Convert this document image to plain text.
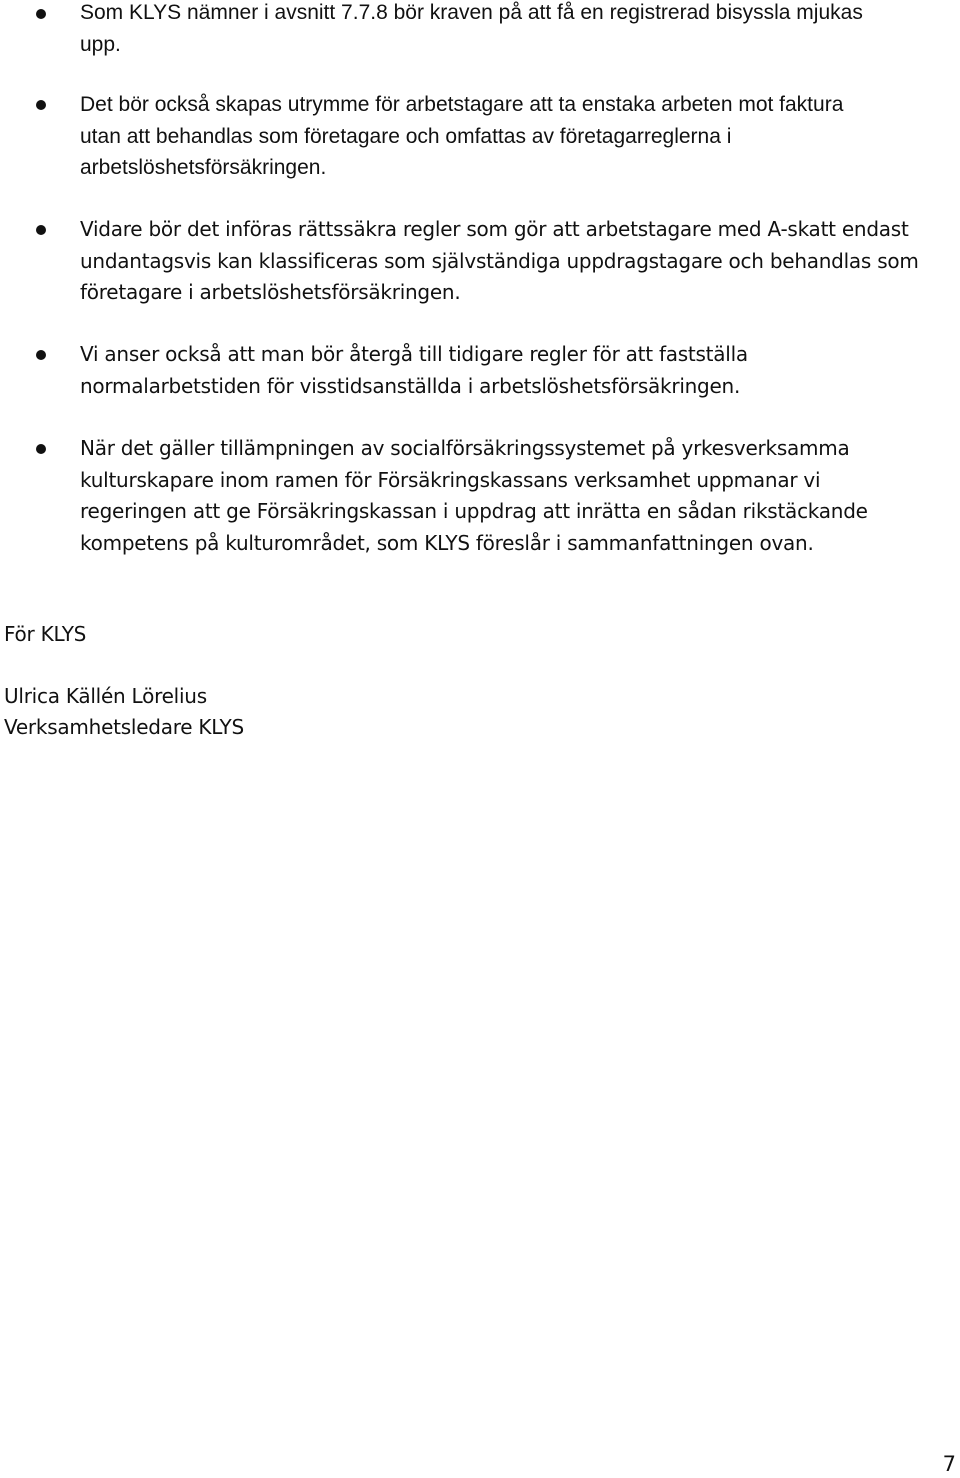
Som KLYS nämner i avsnitt 7.7.8 bör kraven på att få en registrerad bisyssla mjukas
upp.
Det bör också skapas utrymme för arbetstagare att ta enstaka arbeten mot faktura
utan att behandlas som företagare och omfattas av företagarreglerna i
arbetslöshetsförsäkringen.
Vidare bör det införas rättssäkra regler som gör att arbetstagare med A-skatt endast
undantagsvis kan klassificeras som självständiga uppdragstagare och behandlas som
företagare i arbetslöshetsförsäkringen.
Vi anser också att man bör återgå till tidigare regler för att fastställa
normalarbetstiden för visstidsanställda i arbetslöshetsförsäkringen.
När det gäller tillämpningen av socialförsäkringssystemet på yrkesverksamma
kulturskapare inom ramen för Försäkringskassans verksamhet uppmanar vi
regeringen att ge Försäkringskassan i uppdrag att inrätta en sådan rikstäckande
kompetens på kulturområdet, som KLYS föreslår i sammanfattningen ovan.
För KLYS
Ulrica Källén Lörelius
Verksamhetsledare KLYS
7
